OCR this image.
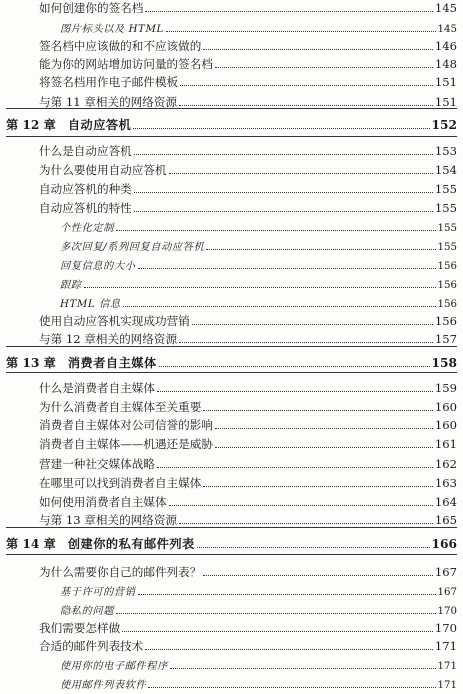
如何创建你的签名档	145
图片标头以及 HTML	145
签名档中应该做的和不应该做的	146
能为你的网站增加访问量的签名档	148
将签名档用作电子邮件模板	151
与第 11 章相关的网络资源	151
第 12 章 自动应答机	152
什么是自动应答机	153
为什么要使用自动应答机	154
自动应答机的种类	155
自动应答机的特性	155
个性化定制	155
多次回复/系列回复自动应答机	155
回复信息的大小	156
跟踪	156
HTML 信息	156
使用自动应答机实现成功营销	156
与第 12 章相关的网络资源	157
第 13 章 消费者自主媒体	158
什么是消费者自主媒体	159
为什么消费者自主媒体至关重要	160
消费者自主媒体对公司信誉的影响	160
消费者自主媒体——机遇还是威胁	161
营建一种社交媒体战略	162
在哪里可以找到消费者自主媒体	163
如何使用消费者自主媒体	164
与第 13 章相关的网络资源	165
第 14 章 创建你的私有邮件列表	166
为什么需要你自己的邮件列表？	167
基于许可的营销	167
隐私的问题	170
我们需要怎样做	170
合适的邮件列表技术	171
使用你的电子邮件程序	171
使用邮件列表软件	171
